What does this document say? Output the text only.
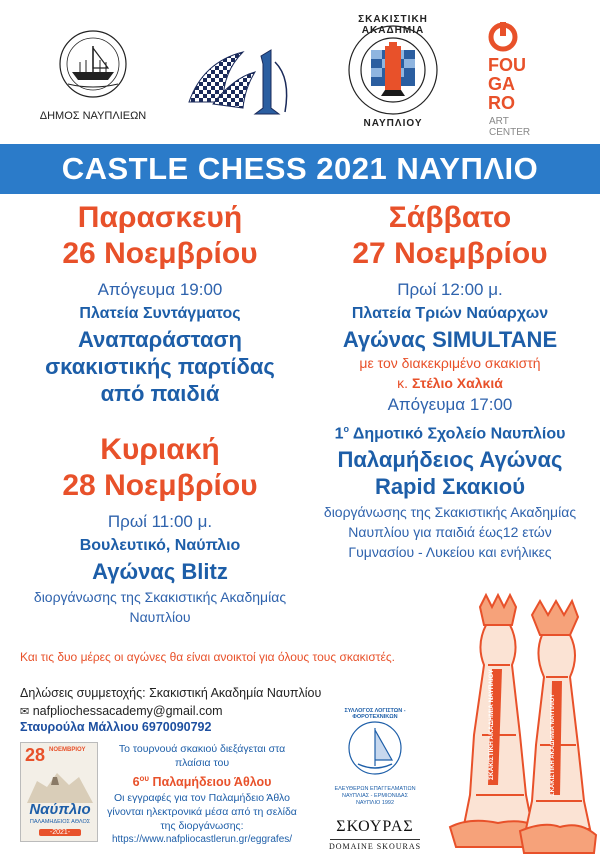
ΔΗΜΟΣ ΝΑΥΠΛΙΕΩΝ
ΣΚΑΚΙΣΤΙΚΗ ΑΚΑΔΗΜΙΑ
ΝΑΥΠΛΙΟΥ
FOU
GA
RO
ART
CENTER
CASTLE CHESS 2021 ΝΑΥΠΛΙΟ
Παρασκευή
26 Νοεμβρίου
Απόγευμα 19:00
Πλατεία Συντάγματος
Αναπαράσταση
σκακιστικής παρτίδας
από παιδιά
Κυριακή
28 Νοεμβρίου
Πρωί 11:00 μ.
Βουλευτικό, Ναύπλιο
Αγώνας Blitz
διοργάνωσης της Σκακιστικής Ακαδημίας
Ναυπλίου
Σάββατο
27 Νοεμβρίου
Πρωί 12:00 μ.
Πλατεία Τριών Ναύαρχων
Αγώνας SIMULTANE
με τον διακεκριμένο σκακιστή
κ. Στέλιο Χαλκιά
Απόγευμα 17:00
$1^o$ Δημοτικό Σχολείο Ναυπλίου
Παλαμήδειος Αγώνας
Rapid Σκακιού
διοργάνωσης της Σκακιστικής Ακαδημίας
Ναυπλίου για παιδιά έως12 ετών
Γυμνασίου - Λυκείου και ενήλικες
ΣΚΑΚΙΣΤΙΚΗ ΑΚΑΔΗΜΙΑ ΝΑΥΠΛΙΟΥ	ΣΚΑΚΙΣΤΙΚΗ ΑΚΑΔΗΜΙΑ ΝΑΥΠΛΙΟΥ
Και τις δυο μέρες οι αγώνες θα είναι ανοικτοί για όλους τους σκακιστές.
Δηλώσεις συμμετοχής: Σκακιστική Ακαδημία Ναυπλίου
✉ nafpliochessacademy@gmail.com
Σταυρούλα Μάλλιου 6970090792
28 ΝΟΕΜΒΡΙΟΥ
Ναύπλιο
ΠΑΛΑΜΗΔΕΙΟΣ ΑΘΛΟΣ
-2021-
Το τουρνουά σκακιού διεξάγεται στα
πλαίσια του
$6^{o\upsilon}$ Παλαμήδειου Άθλου
Οι εγγραφές για τον Παλαμήδειο Άθλο
γίνονται ηλεκτρονικά μέσα από τη σελίδα
της διοργάνωσης:
https://www.nafpliocastlerun.gr/eggrafes/
ΣΥΛΛΟΓΟΣ ΛΟΓΙΣΤΩΝ - ΦΟΡΟΤΕΧΝΙΚΩΝ
ΕΛΕΥΘΕΡΩΝ ΕΠΑΓΓΕΛΜΑΤΙΩΝ
ΝΑΥΠΛΙΑΣ - ΕΡΜΙΟΝΙΔΑΣ
ΝΑΥΠΛΙΟ 1992
ΣΚΟΥΡΑΣ
DOMAINE SKOURAS
